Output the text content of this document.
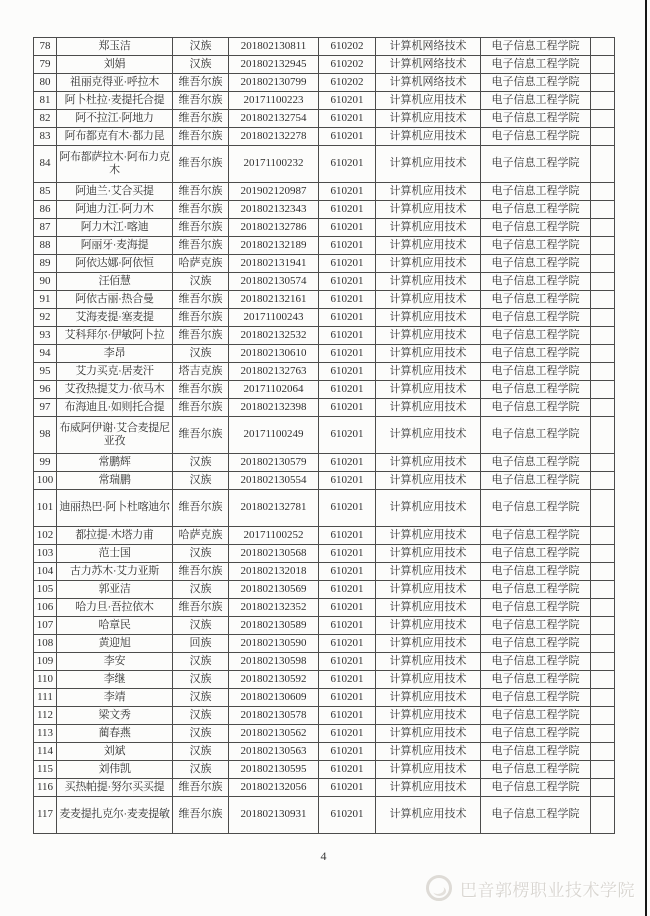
78	郑玉洁	汉族	201802130811	610202	计算机网络技术	电子信息工程学院	
79	刘娟	汉族	201802132945	610202	计算机网络技术	电子信息工程学院	
80	祖丽克得亚·呼拉木	维吾尔族	201802130799	610202	计算机网络技术	电子信息工程学院	
81	阿卜杜拉·麦提托合提	维吾尔族	20171100223	610201	计算机应用技术	电子信息工程学院	
82	阿不拉江·阿地力	维吾尔族	201802132754	610201	计算机应用技术	电子信息工程学院	
83	阿布都克有木·都力昆	维吾尔族	201802132278	610201	计算机应用技术	电子信息工程学院	
84	阿布都萨拉木·阿布力克木	维吾尔族	20171100232	610201	计算机应用技术	电子信息工程学院	
85	阿迪兰·艾合买提	维吾尔族	201902120987	610201	计算机应用技术	电子信息工程学院	
86	阿迪力江·阿力木	维吾尔族	201802132343	610201	计算机应用技术	电子信息工程学院	
87	阿力木江·喀迪	维吾尔族	201802132786	610201	计算机应用技术	电子信息工程学院	
88	阿丽牙·麦海提	维吾尔族	201802132189	610201	计算机应用技术	电子信息工程学院	
89	阿依达娜·阿依恒	哈萨克族	201802131941	610201	计算机应用技术	电子信息工程学院	
90	汪佰慧	汉族	201802130574	610201	计算机应用技术	电子信息工程学院	
91	阿依古丽·热合曼	维吾尔族	201802132161	610201	计算机应用技术	电子信息工程学院	
92	艾海麦提·塞麦提	维吾尔族	20171100243	610201	计算机应用技术	电子信息工程学院	
93	艾科拜尔·伊敏阿卜拉	维吾尔族	201802132532	610201	计算机应用技术	电子信息工程学院	
94	李昂	汉族	201802130610	610201	计算机应用技术	电子信息工程学院	
95	艾力买克·居麦汗	塔吉克族	201802132763	610201	计算机应用技术	电子信息工程学院	
96	艾孜热提艾力·依马木	维吾尔族	20171102064	610201	计算机应用技术	电子信息工程学院	
97	布海迪且·如则托合提	维吾尔族	201802132398	610201	计算机应用技术	电子信息工程学院	
98	布威阿伊谢·艾合麦提尼亚孜	维吾尔族	20171100249	610201	计算机应用技术	电子信息工程学院	
99	常鹏辉	汉族	201802130579	610201	计算机应用技术	电子信息工程学院	
100	常瑞鹏	汉族	201802130554	610201	计算机应用技术	电子信息工程学院	
101	迪丽热巴·阿卜杜喀迪尔	维吾尔族	201802132781	610201	计算机应用技术	电子信息工程学院	
102	都拉提·木塔力甫	哈萨克族	20171100252	610201	计算机应用技术	电子信息工程学院	
103	范士国	汉族	201802130568	610201	计算机应用技术	电子信息工程学院	
104	古力苏木·艾力亚斯	维吾尔族	201802132018	610201	计算机应用技术	电子信息工程学院	
105	郭亚洁	汉族	201802130569	610201	计算机应用技术	电子信息工程学院	
106	哈力旦·吾拉依木	维吾尔族	201802132352	610201	计算机应用技术	电子信息工程学院	
107	哈章民	汉族	201802130589	610201	计算机应用技术	电子信息工程学院	
108	黄迎旭	回族	201802130590	610201	计算机应用技术	电子信息工程学院	
109	李安	汉族	201802130598	610201	计算机应用技术	电子信息工程学院	
110	李继	汉族	201802130592	610201	计算机应用技术	电子信息工程学院	
111	李靖	汉族	201802130609	610201	计算机应用技术	电子信息工程学院	
112	梁文秀	汉族	201802130578	610201	计算机应用技术	电子信息工程学院	
113	蔺春燕	汉族	201802130562	610201	计算机应用技术	电子信息工程学院	
114	刘斌	汉族	201802130563	610201	计算机应用技术	电子信息工程学院	
115	刘伟凯	汉族	201802130595	610201	计算机应用技术	电子信息工程学院	
116	买热帕提·努尔买买提	维吾尔族	201802132056	610201	计算机应用技术	电子信息工程学院	
117	麦麦提扎克尔·麦麦提敏	维吾尔族	201802130931	610201	计算机应用技术	电子信息工程学院	
4
巴音郭楞职业技术学院
